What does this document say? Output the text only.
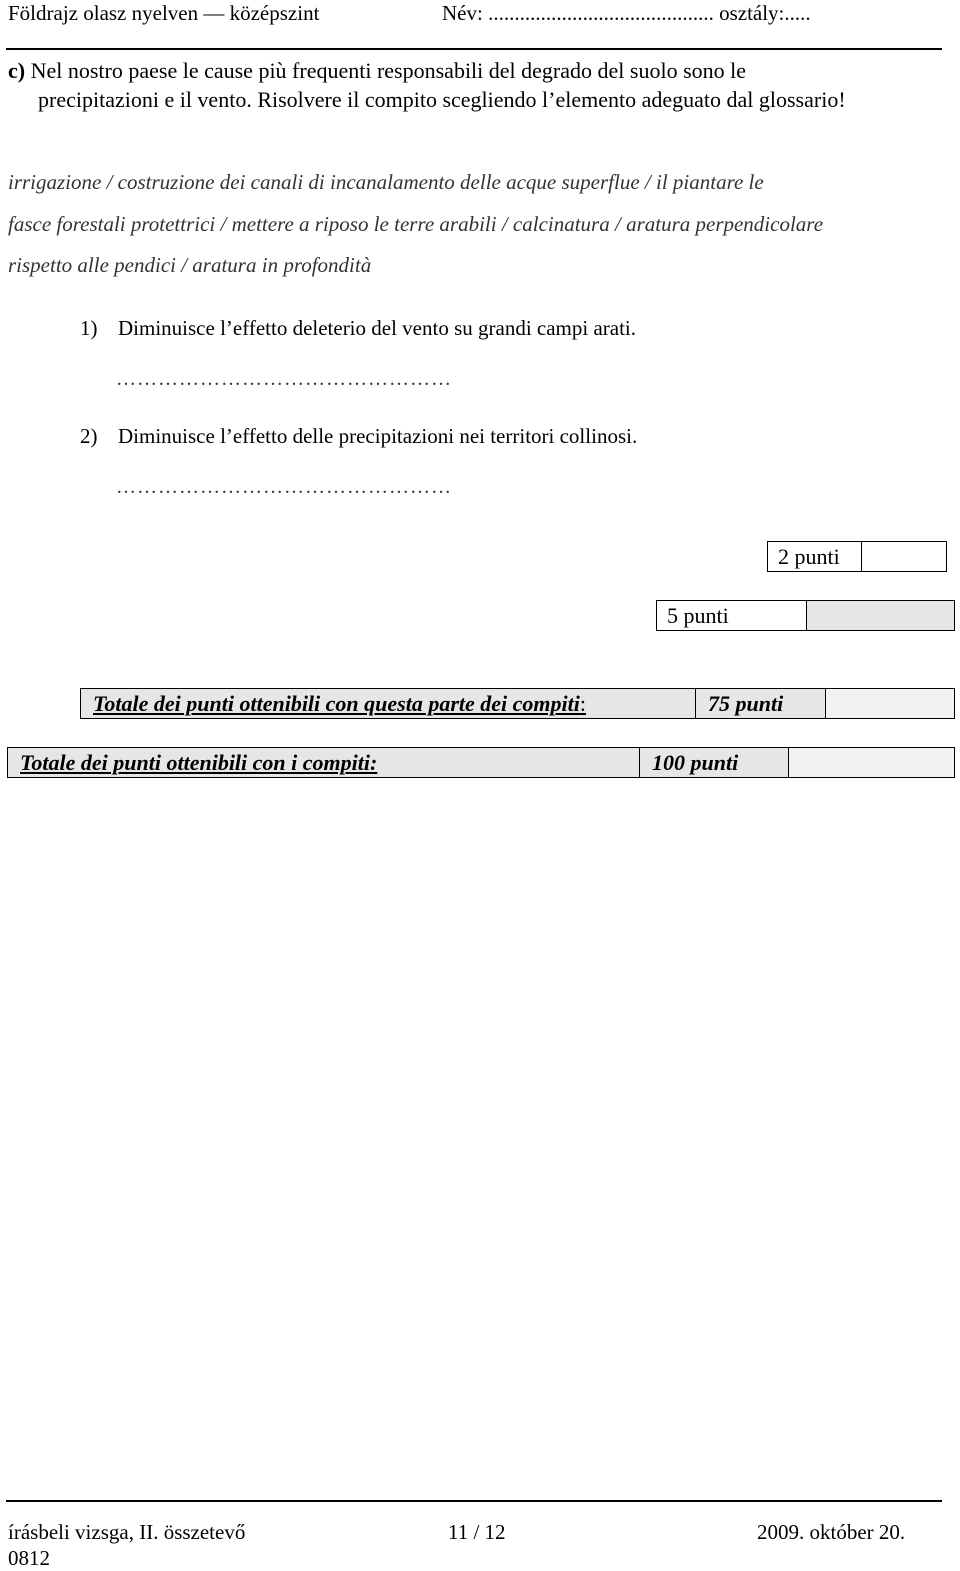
Földrajz olasz nyelven — középszint	Név: ........................................... osztály:.....
c) Nel nostro paese le cause più frequenti responsabili del degrado del suolo sono le
precipitazioni e il vento. Risolvere il compito scegliendo l’elemento adeguato dal glossario!
irrigazione / costruzione dei canali di incanalamento delle acque superflue / il piantare le
fasce forestali protettrici / mettere a riposo le terre arabili / calcinatura / aratura perpendicolare
rispetto alle pendici / aratura in profondità
1) Diminuisce l’effetto deleterio del vento su grandi campi arati.
…………………………………………
2) Diminuisce l’effetto delle precipitazioni nei territori collinosi.
…………………………………………
2 punti
5 punti
Totale dei punti ottenibili con questa parte dei compiti :	75 punti
Totale dei punti ottenibili con i compiti:	100 punti
írásbeli vizsga, II. összetevő	11 / 12	2009. október 20.
0812
